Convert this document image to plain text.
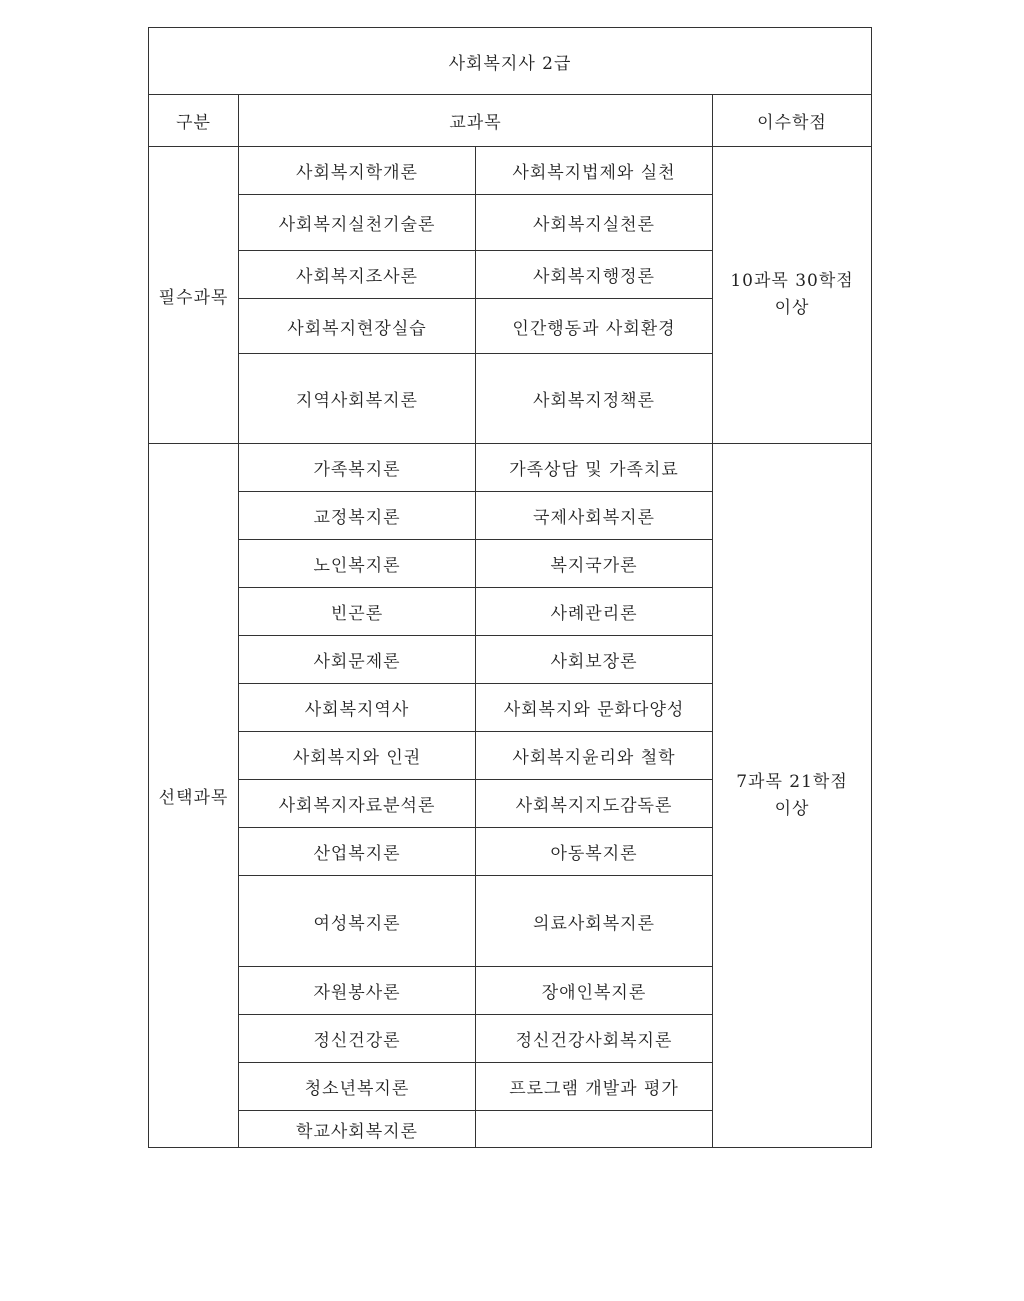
사회복지사 2급			
구분	교과목		이수학점
필수과목	사회복지학개론	사회복지법제와 실천	10과목 30학점
이상

	사회복지실천기술론	사회복지실천론	
	사회복지조사론	사회복지행정론	
	사회복지현장실습	인간행동과 사회환경	
	지역사회복지론	사회복지정책론	
선택과목	가족복지론	가족상담 및 가족치료	7과목 21학점
이상

	교정복지론	국제사회복지론	
	노인복지론	복지국가론	
	빈곤론	사례관리론	
	사회문제론	사회보장론	
	사회복지역사	사회복지와 문화다양성	
	사회복지와 인권	사회복지윤리와 철학	
	사회복지자료분석론	사회복지지도감독론	
	산업복지론	아동복지론	
	여성복지론	의료사회복지론	
	자원봉사론	장애인복지론	
	정신건강론	정신건강사회복지론	
	청소년복지론	프로그램 개발과 평가	
	학교사회복지론		
